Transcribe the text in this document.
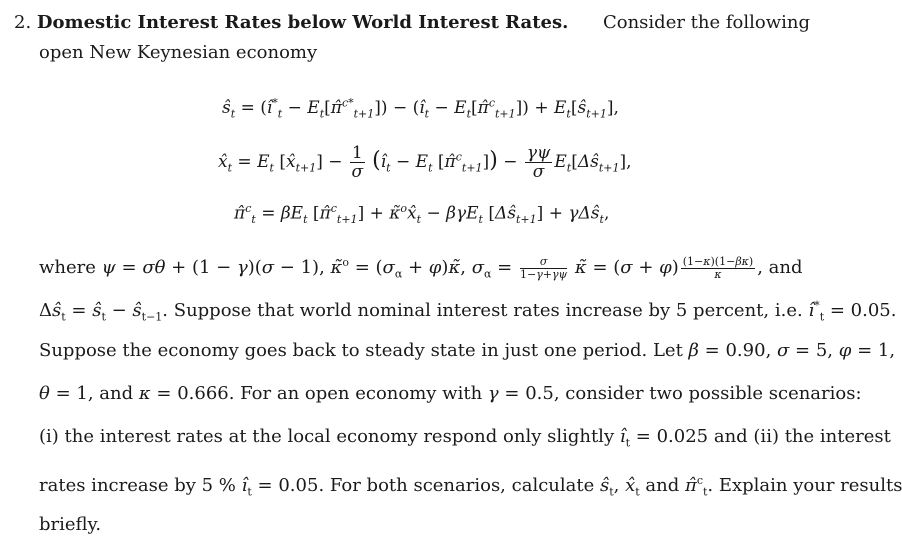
2. Domestic Interest Rates below World Interest Rates. Consider the following
open New Keynesian economy
$ŝ_t$ = ($î^*_t$ − $E_t[\pî^{c*}_{t+1}]$) − ($î_t$ − $E_t[\pî^c_{t+1}]$) + $E_t[ŝ_{t+1}]$,
$x̂_t = E_t$ $[x̂_{t+1}] - \frac{1}{\sigma}$ ($î_t - E_t$ [π̂$^c_{t+1}$]) − $\frac{\gamma\psi}{\sigma}$ $E_t[\Delta ŝ_{t+1}]$,
π̂$^c_t$ = $\beta E_t$ [π̂$^c_{t+1}$] + $\kappã^ox̂_t - \beta\gamma E_t$ $[\Delta ŝ_{t+1}]$ + γΔŝ$_t$,
where ψ = σθ + (1 − γ)(σ − 1), κ̃$^o$ = ($\sigma_\alpha$ + φ)κ̃, $\sigma_\alpha = \frac{\sigma}{1-\gamma+\gamma\psi}$ κ̃ = $(\sigma + \varphi) \frac{(1-\kappa)(1-\beta\kappa)}{\kappa}$ , and
$\Delta ŝ_t$ = $ŝ_t$ − $ŝ_{t-1}$. Suppose that world nominal interest rates increase by 5 percent, i.e. $î^*_t = 0.05$.
Suppose the economy goes back to steady state in just one period. Let β = 0.90, σ = 5, φ = 1,
θ = 1, and κ = 0.666. For an open economy with γ = 0.5, consider two possible scenarios:
(i) the interest rates at the local economy respond only slightly $î_t = 0.025$ and (ii) the interest
rates increase by 5 % $î_t = 0.05$. For both scenarios, calculate $ŝ_t$, $x̂_t$ and π̂$^c_t$. Explain your results
briefly.
